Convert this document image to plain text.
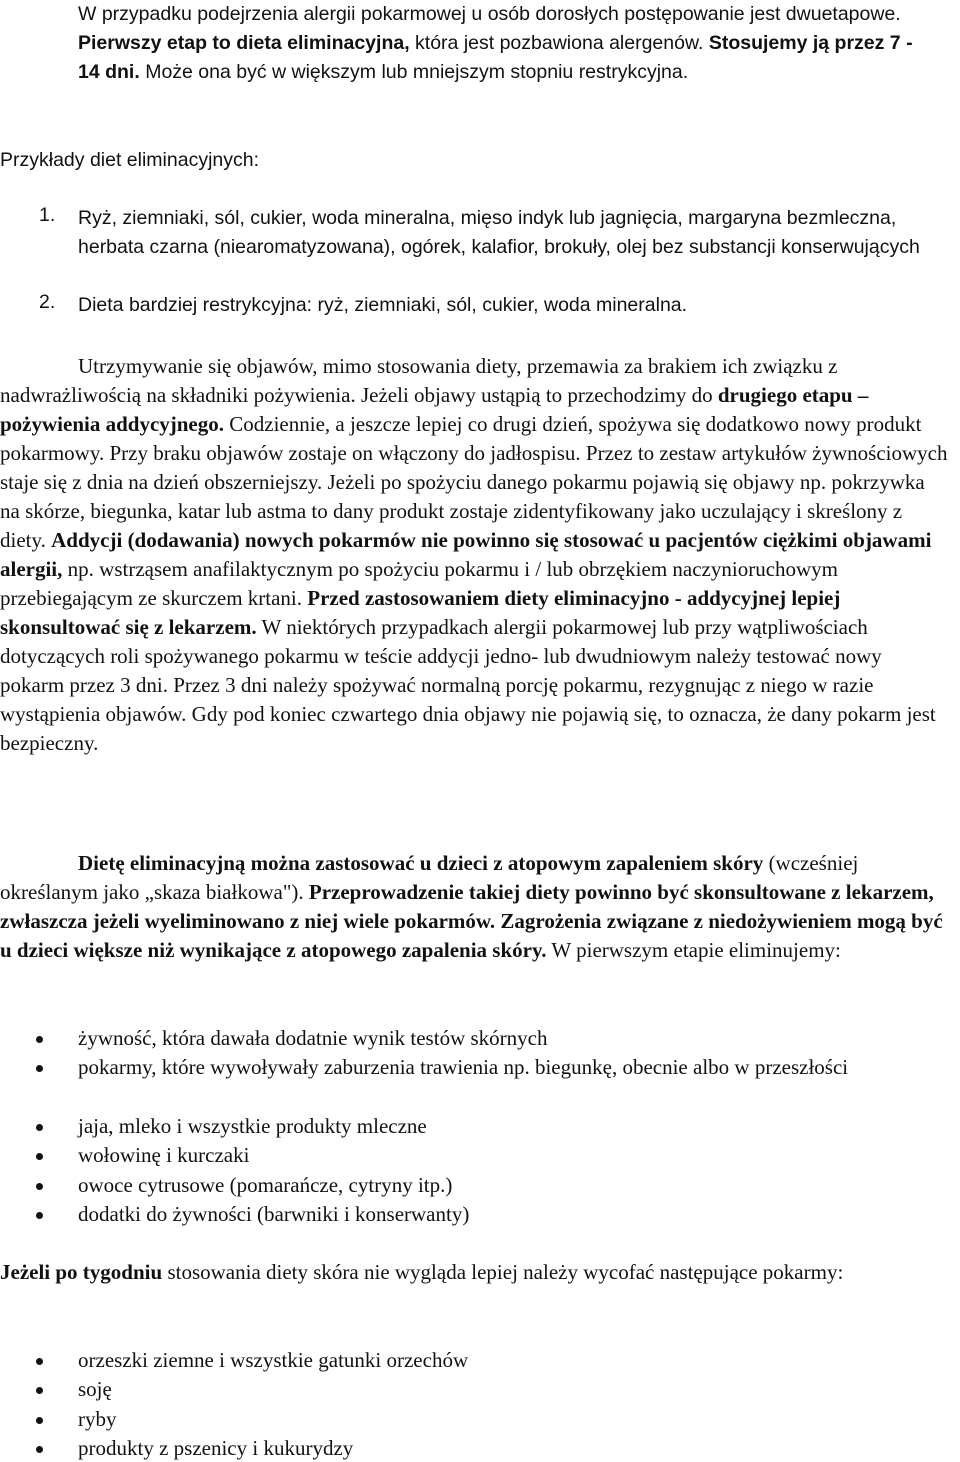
W przypadku podejrzenia alergii pokarmowej u osób dorosłych postępowanie jest dwuetapowe. Pierwszy etap to dieta eliminacyjna, która jest pozbawiona alergenów. Stosujemy ją przez 7 - 14 dni. Może ona być w większym lub mniejszym stopniu restrykcyjna.

Przykłady diet eliminacyjnych:

1. Ryż, ziemniaki, sól, cukier, woda mineralna, mięso indyk lub jagnięcia, margaryna bezmleczna, herbata czarna (niearomatyzowana), ogórek, kalafior, brokuły, olej bez substancji konserwujących
2. Dieta bardziej restrykcyjna: ryż, ziemniaki, sól, cukier, woda mineralna.

Utrzymywanie się objawów, mimo stosowania diety, przemawia za brakiem ich związku z nadwrażliwością na składniki pożywienia. Jeżeli objawy ustąpią to przechodzimy do drugiego etapu – pożywienia addycyjnego. Codziennie, a jeszcze lepiej co drugi dzień, spożywa się dodatkowo nowy produkt pokarmowy. Przy braku objawów zostaje on włączony do jadłospisu. Przez to zestaw artykułów żywnościowych staje się z dnia na dzień obszerniejszy. Jeżeli po spożyciu danego pokarmu pojawią się objawy np. pokrzywka na skórze, biegunka, katar lub astma to dany produkt zostaje zidentyfikowany jako uczulający i skreślony z diety. Addycji (dodawania) nowych pokarmów nie powinno się stosować u pacjentów ciężkimi objawami alergii, np. wstrząsem anafilaktycznym po spożyciu pokarmu i / lub obrzękiem naczynioruchowym przebiegającym ze skurczem krtani. Przed zastosowaniem diety eliminacyjno - addycyjnej lepiej skonsultować się z lekarzem. W niektórych przypadkach alergii pokarmowej lub przy wątpliwościach dotyczących roli spożywanego pokarmu w teście addycji jedno- lub dwudniowym należy testować nowy pokarm przez 3 dni. Przez 3 dni należy spożywać normalną porcję pokarmu, rezygnując z niego w razie wystąpienia objawów. Gdy pod koniec czwartego dnia objawy nie pojawią się, to oznacza, że dany pokarm jest bezpieczny.

Dietę eliminacyjną można zastosować u dzieci z atopowym zapaleniem skóry (wcześniej określanym jako „skaza białkowa"). Przeprowadzenie takiej diety powinno być skonsultowane z lekarzem, zwłaszcza jeżeli wyeliminowano z niej wiele pokarmów. Zagrożenia związane z niedożywieniem mogą być u dzieci większe niż wynikające z atopowego zapalenia skóry. W pierwszym etapie eliminujemy:

żywność, która dawała dodatnie wynik testów skórnych
pokarmy, które wywoływały zaburzenia trawienia np. biegunkę, obecnie albo w przeszłości
jaja, mleko i wszystkie produkty mleczne
wołowinę i kurczaki
owoce cytrusowe (pomarańcze, cytryny itp.)
dodatki do żywności (barwniki i konserwanty)

Jeżeli po tygodniu stosowania diety skóra nie wygląda lepiej należy wycofać następujące pokarmy:

orzeszki ziemne i wszystkie gatunki orzechów
soję
ryby
produkty z pszenicy i kukurydzy
